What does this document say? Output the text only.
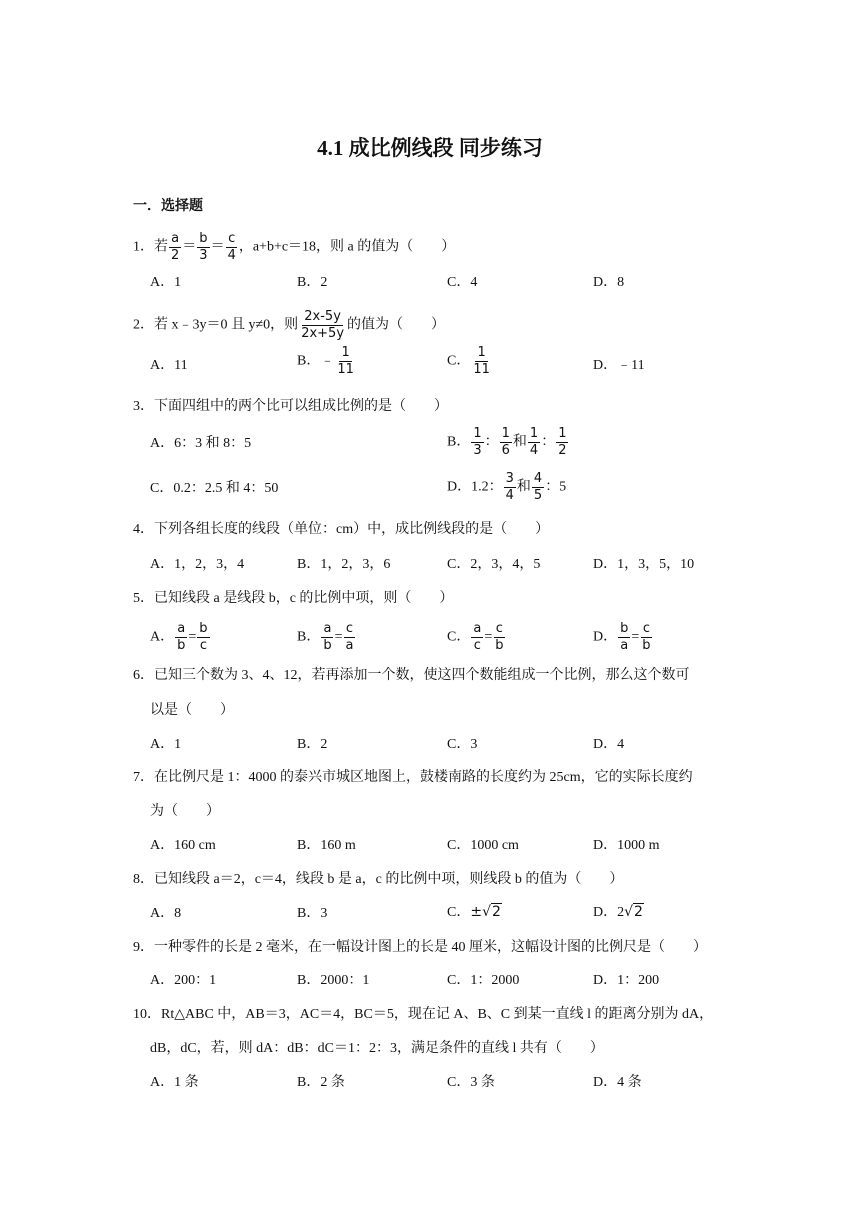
4.1 成比例线段 同步练习
一．选择题
1．若 $\frac{a}{2} = \frac{b}{3} = \frac{c}{4}$ ，a+b+c＝18，则 a 的值为（　　）
A．1	B．2	C．4	D．8
2．若 x﹣3y＝0 且 y≠0，则 $\frac{2x-5y}{2x+5y}$ 的值为（　　）
A．11	B．﹣ $\frac{1}{11}$	C． $\frac{1}{11}$	D．﹣11
3．下面四组中的两个比可以组成比例的是（　　）
A．6：3 和 8：5	B． $\frac{1}{3}$ ： $\frac{1}{6}$ 和 $\frac{1}{4}$ ： $\frac{1}{2}$
C．0.2：2.5 和 4：50	D．1.2： $\frac{3}{4}$ 和 $\frac{4}{5}$ ：5
4．下列各组长度的线段（单位：cm）中，成比例线段的是（　　）
A．1，2，3，4	B．1，2，3，6	C．2，3，4，5	D．1，3，5，10
5．已知线段 a 是线段 b，c 的比例中项，则（　　）
A． $\frac{a}{b} = \frac{b}{c}$	B． $\frac{a}{b} = \frac{c}{a}$	C． $\frac{a}{c} = \frac{c}{b}$	D． $\frac{b}{a} = \frac{c}{b}$
6．已知三个数为 3、4、12，若再添加一个数，使这四个数能组成一个比例，那么这个数可
以是（　　）
A．1	B．2	C．3	D．4
7．在比例尺是 1：4000 的泰兴市城区地图上，鼓楼南路的长度约为 25cm，它的实际长度约
为（　　）
A．160 cm	B．160 m	C．1000 cm	D．1000 m
8．已知线段 a＝2，c＝4，线段 b 是 a，c 的比例中项，则线段 b 的值为（　　）
A．8	B．3	C．±√2	D．2√2
9．一种零件的长是 2 毫米，在一幅设计图上的长是 40 厘米，这幅设计图的比例尺是（　　）
A．200：1	B．2000：1	C．1：2000	D．1：200
10．Rt△ABC 中，AB＝3，AC＝4，BC＝5，现在记 A、B、C 到某一直线 l 的距离分别为 dA，
dB，dC，若，则 dA：dB：dC＝1：2：3，满足条件的直线 l 共有（　　）
A．1 条	B．2 条	C．3 条	D．4 条
